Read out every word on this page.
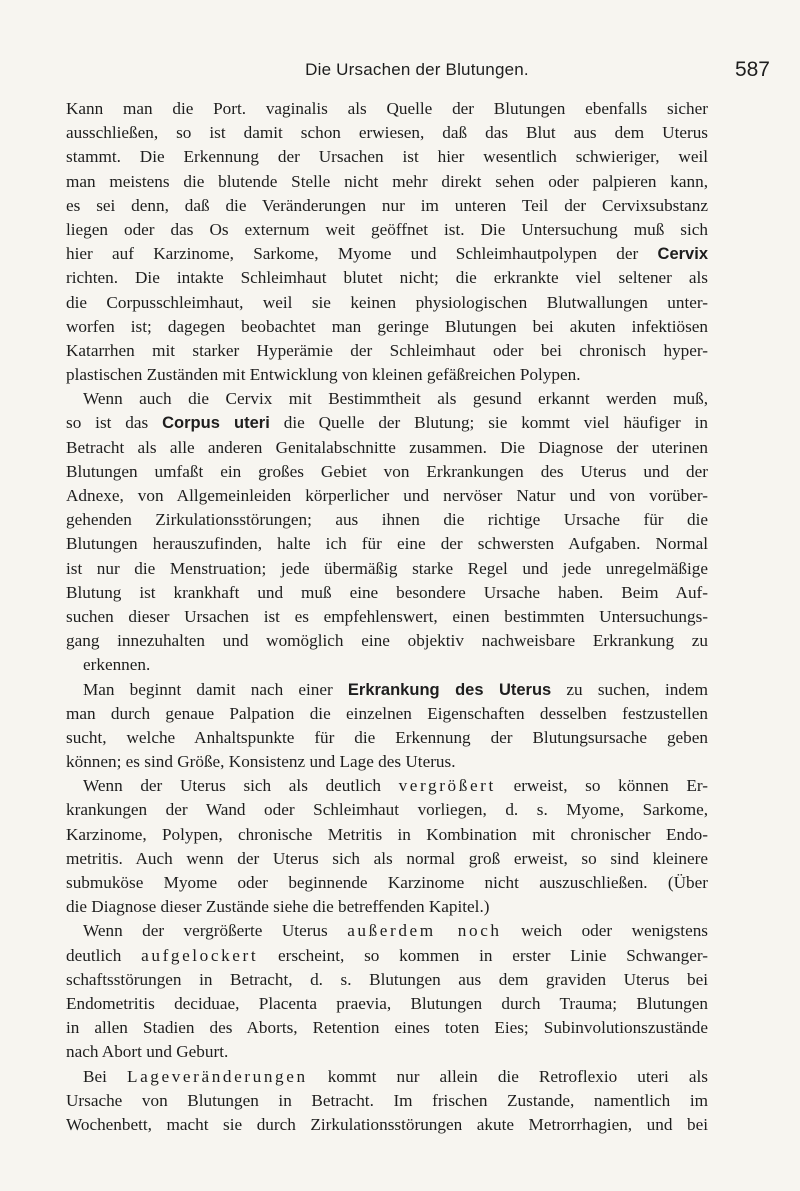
Die Ursachen der Blutungen.	587
Kann man die Port. vaginalis als Quelle der Blutungen ebenfalls sicher
ausschließen, so ist damit schon erwiesen, daß das Blut aus dem Uterus
stammt. Die Erkennung der Ursachen ist hier wesentlich schwieriger, weil
man meistens die blutende Stelle nicht mehr direkt sehen oder palpieren kann,
es sei denn, daß die Veränderungen nur im unteren Teil der Cervixsubstanz
liegen oder das Os externum weit geöffnet ist. Die Untersuchung muß sich
hier auf Karzinome, Sarkome, Myome und Schleimhautpolypen der Cervix
richten. Die intakte Schleimhaut blutet nicht; die erkrankte viel seltener als
die Corpusschleimhaut, weil sie keinen physiologischen Blutwallungen unter-
worfen ist; dagegen beobachtet man geringe Blutungen bei akuten infektiösen
Katarrhen mit starker Hyperämie der Schleimhaut oder bei chronisch hyper-
plastischen Zuständen mit Entwicklung von kleinen gefäßreichen Polypen.
Wenn auch die Cervix mit Bestimmtheit als gesund erkannt werden muß,
so ist das Corpus uteri die Quelle der Blutung; sie kommt viel häufiger in
Betracht als alle anderen Genitalabschnitte zusammen. Die Diagnose der uterinen
Blutungen umfaßt ein großes Gebiet von Erkrankungen des Uterus und der
Adnexe, von Allgemeinleiden körperlicher und nervöser Natur und von vorüber-
gehenden Zirkulationsstörungen; aus ihnen die richtige Ursache für die
Blutungen herauszufinden, halte ich für eine der schwersten Aufgaben. Normal
ist nur die Menstruation; jede übermäßig starke Regel und jede unregelmäßige
Blutung ist krankhaft und muß eine besondere Ursache haben. Beim Auf-
suchen dieser Ursachen ist es empfehlenswert, einen bestimmten Untersuchungs-
gang innezuhalten und womöglich eine objektiv nachweisbare Erkrankung zu
erkennen.
Man beginnt damit nach einer Erkrankung des Uterus zu suchen, indem
man durch genaue Palpation die einzelnen Eigenschaften desselben festzustellen
sucht, welche Anhaltspunkte für die Erkennung der Blutungsursache geben
können; es sind Größe, Konsistenz und Lage des Uterus.
Wenn der Uterus sich als deutlich vergrößert erweist, so können Er-
krankungen der Wand oder Schleimhaut vorliegen, d. s. Myome, Sarkome,
Karzinome, Polypen, chronische Metritis in Kombination mit chronischer Endo-
metritis. Auch wenn der Uterus sich als normal groß erweist, so sind kleinere
submuköse Myome oder beginnende Karzinome nicht auszuschließen. (Über
die Diagnose dieser Zustände siehe die betreffenden Kapitel.)
Wenn der vergrößerte Uterus außerdem noch weich oder wenigstens
deutlich aufgelockert erscheint, so kommen in erster Linie Schwanger-
schaftsstörungen in Betracht, d. s. Blutungen aus dem graviden Uterus bei
Endometritis deciduae, Placenta praevia, Blutungen durch Trauma; Blutungen
in allen Stadien des Aborts, Retention eines toten Eies; Subinvolutionszustände
nach Abort und Geburt.
Bei Lageveränderungen kommt nur allein die Retroflexio uteri als
Ursache von Blutungen in Betracht. Im frischen Zustande, namentlich im
Wochenbett, macht sie durch Zirkulationsstörungen akute Metrorrhagien, und bei
